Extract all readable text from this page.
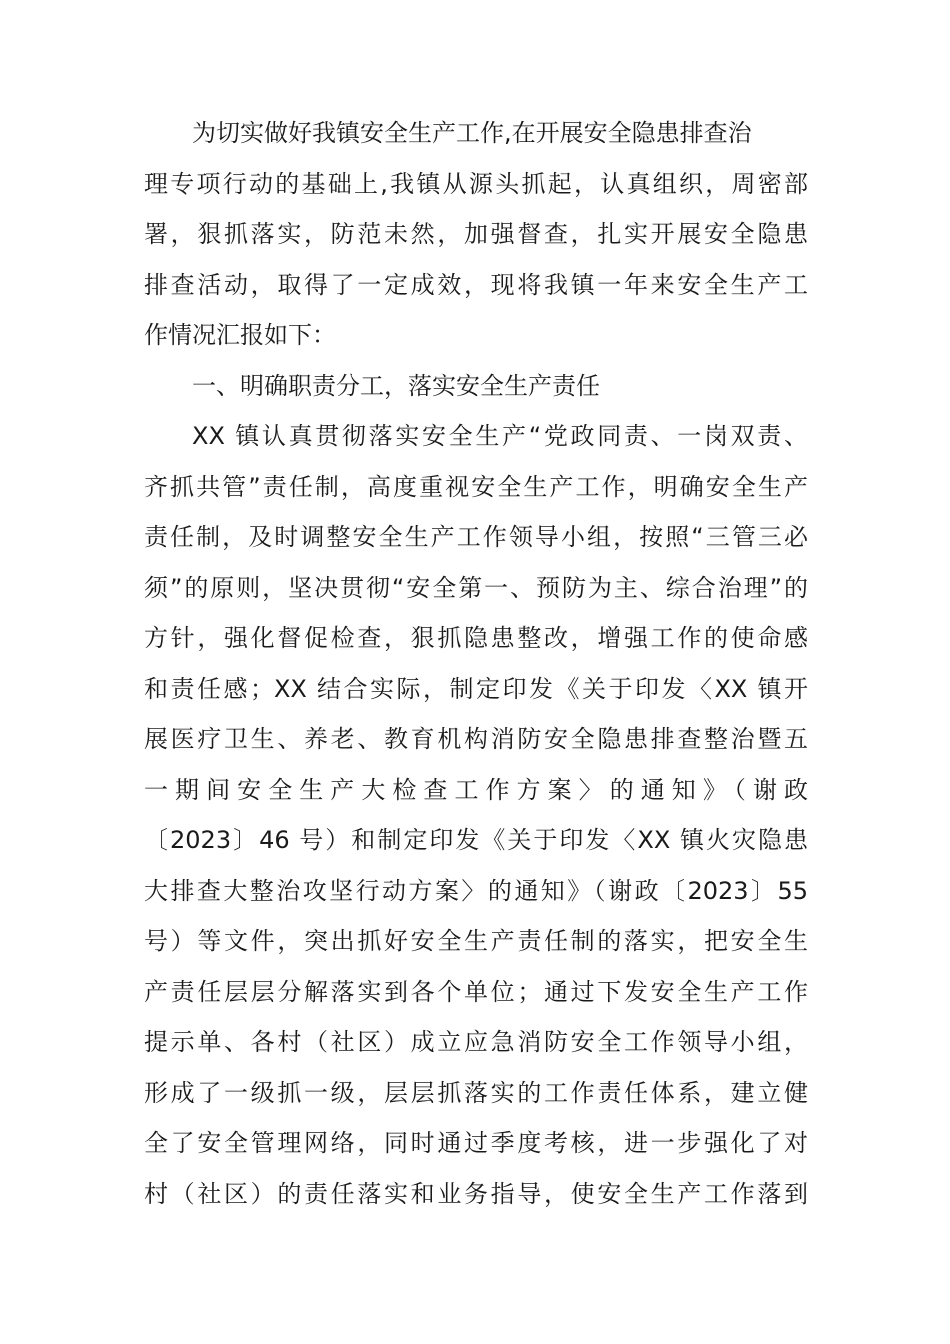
为切实做好我镇安全生产工作,在开展安全隐患排查治
理专项行动的基础上,我镇从源头抓起，认真组织，周密部
署，狠抓落实，防范未然，加强督查，扎实开展安全隐患
排查活动，取得了一定成效，现将我镇一年来安全生产工
作情况汇报如下：
一、明确职责分工，落实安全生产责任
XX 镇认真贯彻落实安全生产“党政同责、一岗双责、
齐抓共管”责任制，高度重视安全生产工作，明确安全生产
责任制，及时调整安全生产工作领导小组，按照“三管三必
须”的原则，坚决贯彻“安全第一、预防为主、综合治理”的
方针，强化督促检查，狠抓隐患整改，增强工作的使命感
和责任感；XX 结合实际，制定印发《关于印发〈XX 镇开
展医疗卫生、养老、教育机构消防安全隐患排查整治暨五
一期间安全生产大检查工作方案〉的通知》（谢政
〔2023〕46 号）和制定印发《关于印发〈XX 镇火灾隐患
大排查大整治攻坚行动方案〉的通知》（谢政〔2023〕55
号）等文件，突出抓好安全生产责任制的落实，把安全生
产责任层层分解落实到各个单位；通过下发安全生产工作
提示单、各村（社区）成立应急消防安全工作领导小组，
形成了一级抓一级，层层抓落实的工作责任体系，建立健
全了安全管理网络，同时通过季度考核，进一步强化了对
村（社区）的责任落实和业务指导，使安全生产工作落到
